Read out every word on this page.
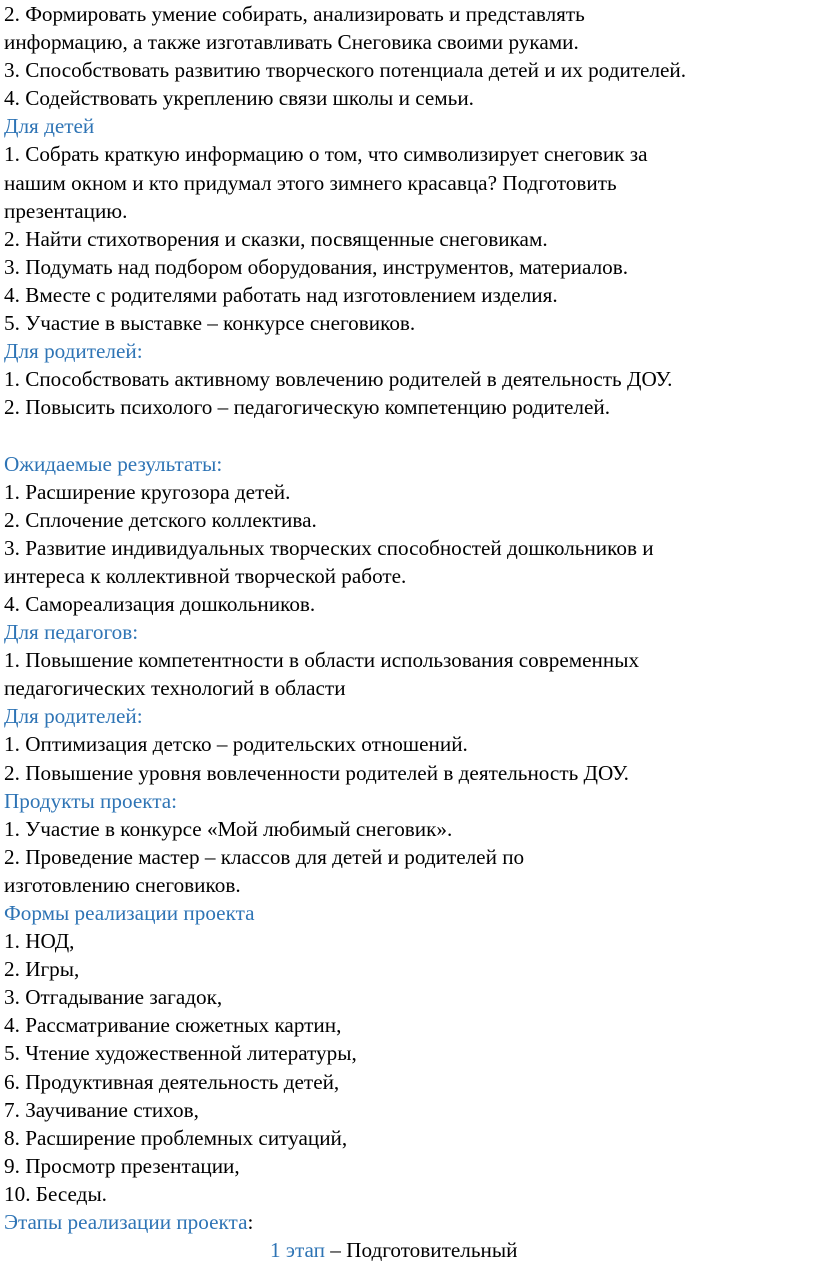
2. Формировать умение собирать, анализировать и представлять
информацию, а также изготавливать Снеговика своими руками.
3. Способствовать развитию творческого потенциала детей и их родителей.
4. Содействовать укреплению связи школы и семьи.
Для детей
1. Собрать краткую информацию о том, что символизирует снеговик за
нашим окном и кто придумал этого зимнего красавца? Подготовить
презентацию.
2. Найти стихотворения и сказки, посвященные снеговикам.
3. Подумать над подбором оборудования, инструментов, материалов.
4. Вместе с родителями работать над изготовлением изделия.
5. Участие в выставке – конкурсе снеговиков.
Для родителей:
1. Способствовать активному вовлечению родителей в деятельность ДОУ.
2. Повысить психолого – педагогическую компетенцию родителей.
Ожидаемые результаты:
1. Расширение кругозора детей.
2. Сплочение детского коллектива.
3. Развитие индивидуальных творческих способностей дошкольников и
интереса к коллективной творческой работе.
4. Самореализация дошкольников.
Для педагогов:
1. Повышение компетентности в области использования современных
педагогических технологий в области
Для родителей:
1. Оптимизация детско – родительских отношений.
2. Повышение уровня вовлеченности родителей в деятельность ДОУ.
Продукты проекта:
1. Участие в конкурсе «Мой любимый снеговик».
2. Проведение мастер – классов для детей и родителей по
изготовлению снеговиков.
Формы реализации проекта
1. НОД,
2. Игры,
3. Отгадывание загадок,
4. Рассматривание сюжетных картин,
5. Чтение художественной литературы,
6. Продуктивная деятельность детей,
7. Заучивание стихов,
8. Расширение проблемных ситуаций,
9. Просмотр презентации,
10. Беседы.
Этапы реализации проекта:
1 этап – Подготовительный
